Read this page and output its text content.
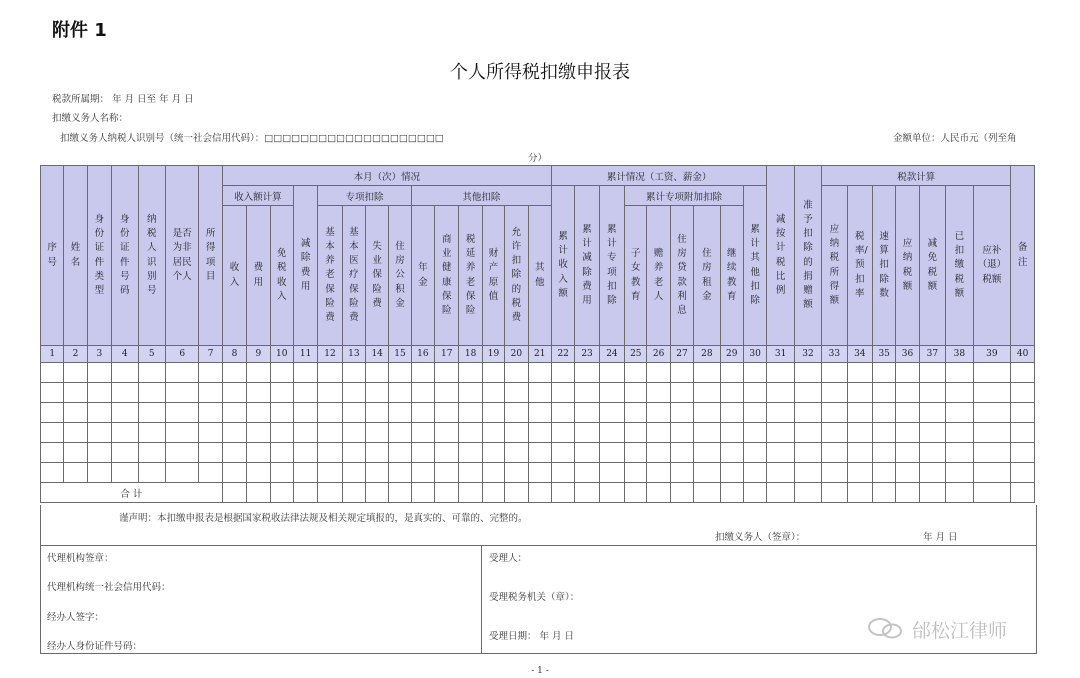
附件 1
个人所得税扣缴申报表
税款所属期： 年 月 日至 年 月 日
扣缴义务人名称：
扣缴义务人纳税人识别号（统一社会信用代码）：□□□□□□□□□□□□□□□□□□□□	金额单位：人民币元（列至角
分）
序号	姓名	身份证件类型	身份证件号码	纳税人识别号	是否为非居民个人	所得项目	本月（次）情况														累计情况（工资、薪金）									减按计税比例	准予扣除的捐赠额	税款计算							备注
							收入额计算			减除费用	专项扣除				其他扣除						累计收入额	累计减除费用	累计专项扣除	累计专项附加扣除					累计其他扣除			应纳税所得额	税率/预扣率	速算扣除数	应纳税额	减免税额	已扣缴税额	应补（退）税额	
							收入	费用	免税收入		基本养老保险费	基本医疗保险费	失业保险费	住房公积金	年金	商业健康保险	税延养老保险	财产原值	允许扣除的税费	其他				子女教育	赡养老人	住房贷款利息	住房租金	继续教育											
1	2	3	4	5	6	7	8	9	10	11	12	13	14	15	16	17	18	19	20	21	22	23	24	25	26	27	28	29	30	31	32	33	34	35	36	37	38	39	40

合 计																																							
谨声明：本扣缴申报表是根据国家税收法律法规及相关规定填报的，是真实的、可靠的、完整的。
扣缴义务人（签章）：	年 月 日
代理机构签章：
代理机构统一社会信用代码：
经办人签字：
经办人身份证件号码：
受理人：
受理税务机关（章）：
受理日期： 年 月 日	邰松江律师
- 1 -
